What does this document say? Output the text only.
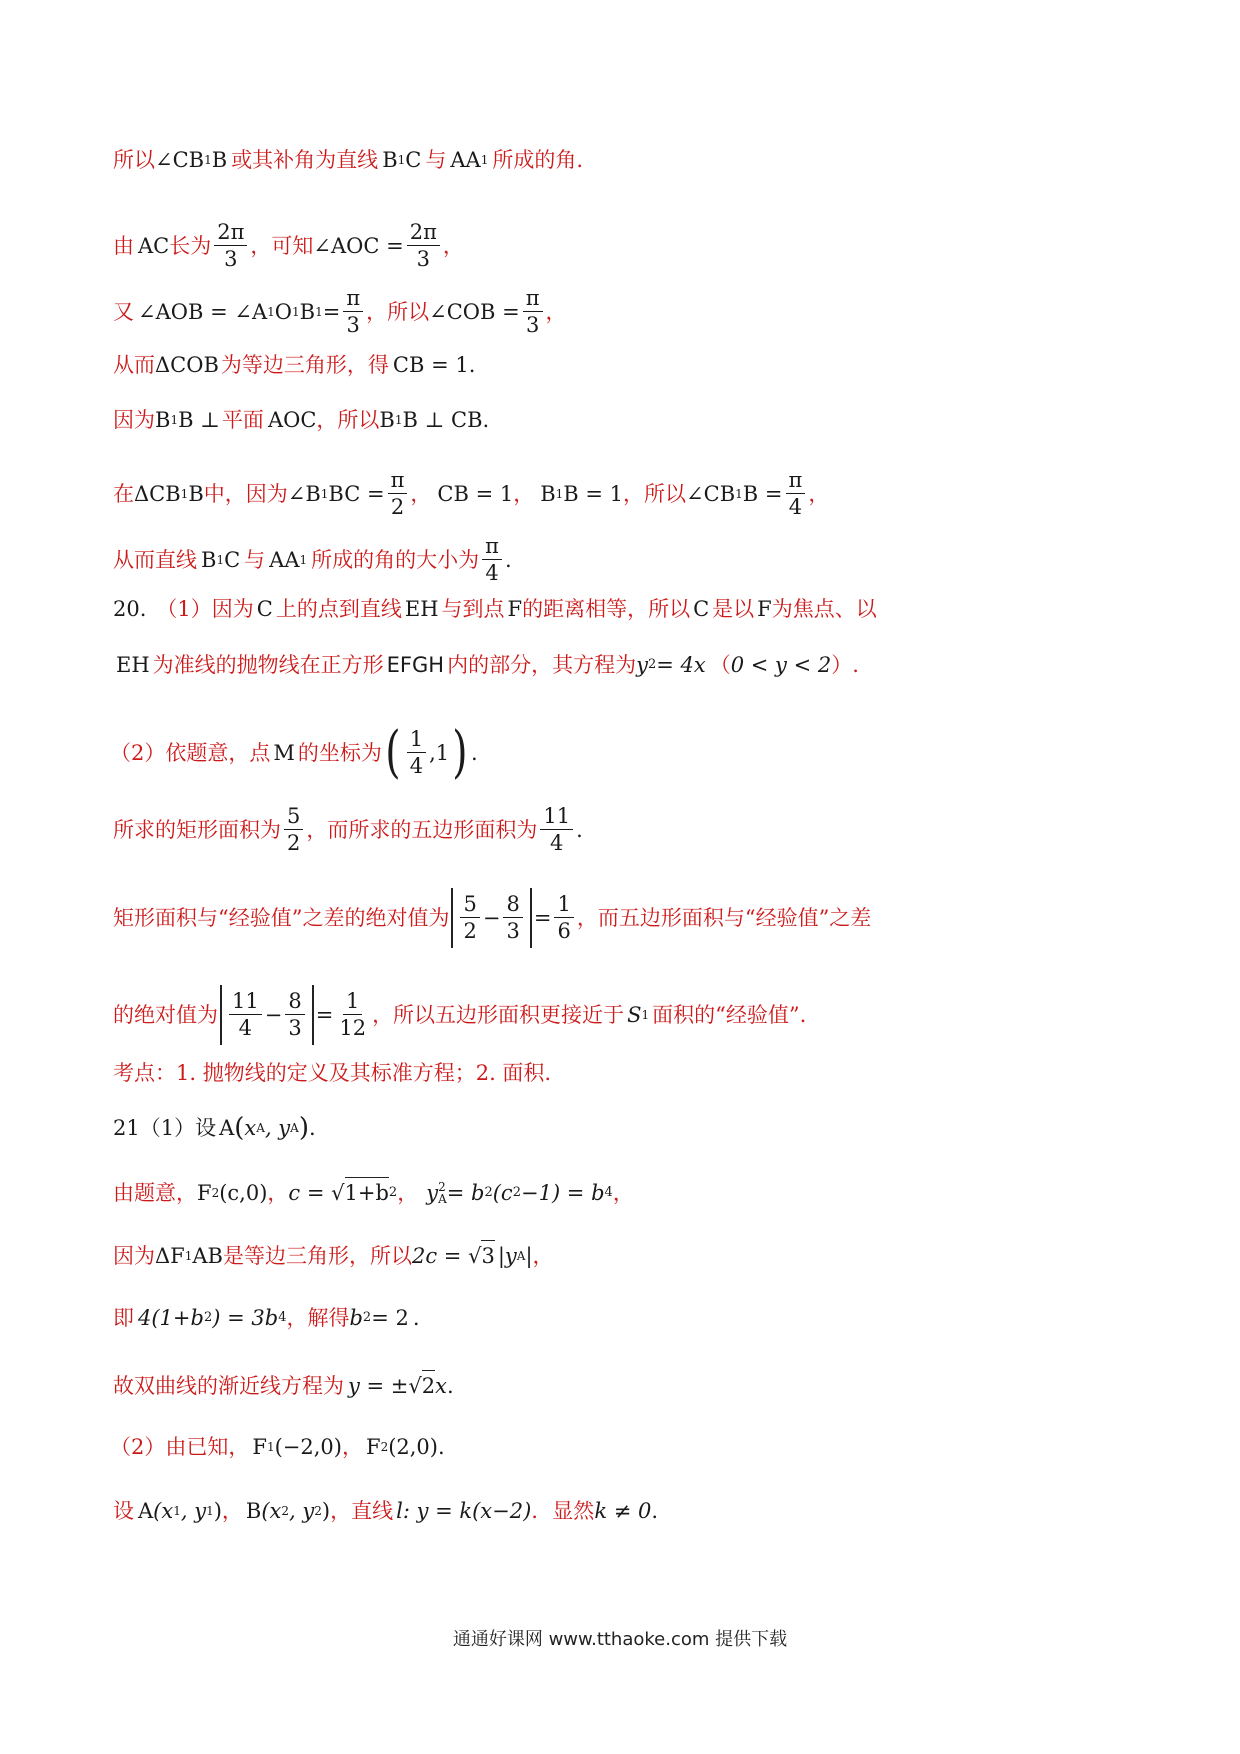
所以 ∠CB 1 B 或其补角为直线 B 1 C 与 AA 1 所成的角.
由 AC 长为 $\frac{2\pi}{3}$ ，可知 ∠AOC = $\frac{2\pi}{3}$ ，
又 ∠AOB = ∠A 1 O 1 B $1 = \frac{\pi}{3}$ ，所以 ∠COB = $\frac{\pi}{3}$ ，
从而 ΔCOB 为等边三角形，得 CB = 1 .
因为 B 1 B ⊥ 平面 AOC ，所以 B 1 B ⊥ CB .
在 ΔCB 1 B 中，因为 ∠B 1 BC = $\frac{\pi}{2}$ ， CB = 1 ， B 1 B = 1 ，所以 ∠CB 1 $B = \frac{\pi}{4}$ ，
从而直线 B 1 C 与 AA 1 所成的角的大小为 $\frac{\pi}{4}$ .
20. （1）因为 C 上的点到直线 EH 与到点 F 的距离相等，所以 C 是以 F 为焦点、以
EH 为准线的抛物线在正方形 EFGH 内的部分，其方程为 y 2 = 4x （ 0 < y < 2 ）.
（2）依题意，点 M 的坐标为 ( $\frac{1}{4} ,1$ ) .
所求的矩形面积为 $\frac{5}{2}$ ，而所求的五边形面积为 $\frac{11}{4}$ .
矩形面积与“经验值”之差的绝对值为 $\frac{5}{2} - \frac{8}{3} = \frac{1}{6}$ ，而五边形面积与“经验值”之差
的绝对值为 $\frac{11}{4} - \frac{8}{3} = \frac{1}{12}$ ，所以五边形面积更接近于 S 1 面积的“经验值”.
考点：1. 抛物线的定义及其标准方程；2. 面积.
21（1）设 A ( x A , y A ) .
由题意， F 2 (c,0) ， c = √ 1+b 2 ， y 2
A = b 2 (c 2 −1) = b 4 ，
因为 ΔF 1 AB 是等边三角形，所以 2c = √ 3 |y A | ，
即 4(1+b 2 ) = 3b 4 ，解得 b 2 = 2 .
故双曲线的渐近线方程为 y = ±√ 2 x .
（2）由已知， F 1 (−2,0) ， F 2 (2,0) .
设 A (x 1 , y 1 ) ， B (x 2 , y 2 ) ，直线 l : y = k(x−2) ．显然 k ≠ 0 .
通通好课网 www.tthaoke.com 提供下载
